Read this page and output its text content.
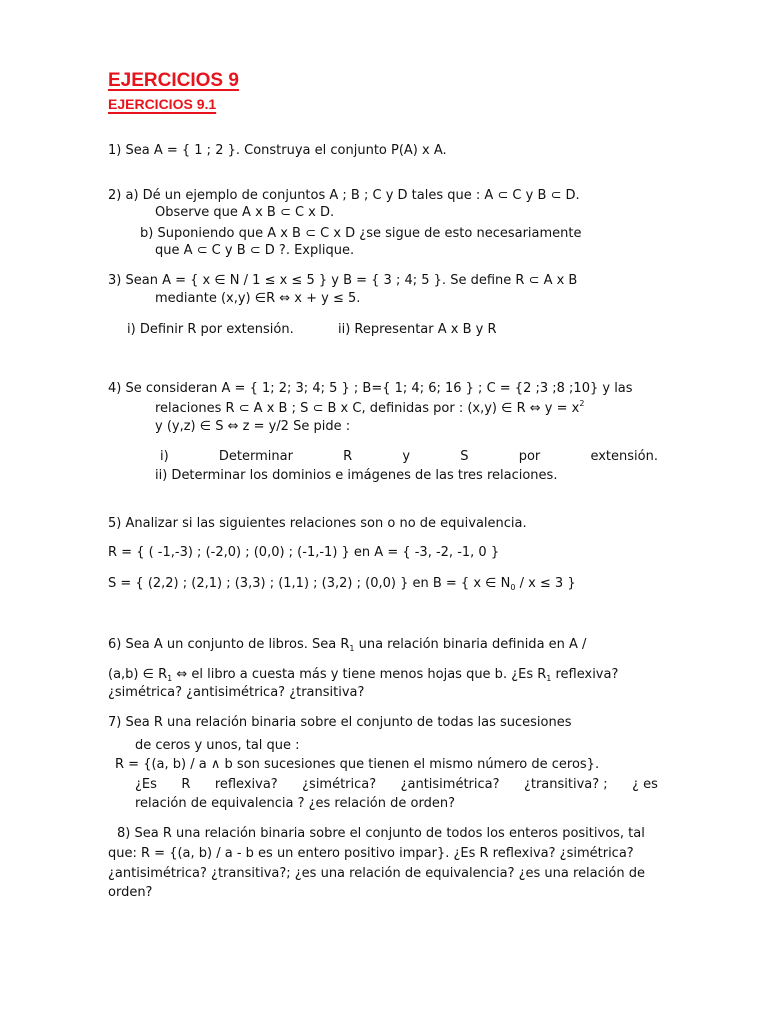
EJERCICIOS 9
EJERCICIOS 9.1
1) Sea A = { 1 ; 2 }. Construya el conjunto P(A) x A.
2) a) Dé un ejemplo de conjuntos A ; B ; C y D tales que : A ⊂ C y B ⊂ D.
Observe que A x B ⊂ C x D.
b) Suponiendo que A x B ⊂ C x D ¿se sigue de esto necesariamente
que A ⊂ C y B ⊂ D ?. Explique.
3) Sean A = { x ∈ N / 1 ≤ x ≤ 5 } y B = { 3 ; 4; 5 }. Se define R ⊂ A x B
mediante (x,y) ∈R ⇔ x + y ≤ 5.
i) Definir R por extensión.	ii) Representar A x B y R
4) Se consideran A = { 1; 2; 3; 4; 5 } ; B={ 1; 4; 6; 16 } ; C = {2 ;3 ;8 ;10} y las
relaciones R ⊂ A x B ; S ⊂ B x C, definidas por : (x,y) ∈ R ⇔ $y = x^2$
y (y,z) ∈ S ⇔ z = y/2 Se pide :
i)	Determinar	R	y	S	por	extensión.
ii) Determinar los dominios e imágenes de las tres relaciones.
5) Analizar si las siguientes relaciones son o no de equivalencia.
R = { ( -1,-3) ; (-2,0) ; (0,0) ; (-1,-1) } en A = { -3, -2, -1, 0 }
S = { (2,2) ; (2,1) ; (3,3) ; (1,1) ; (3,2) ; (0,0) } en B = { x ∈ $N_0 / x \le 3$ }
6) Sea A un conjunto de libros. Sea $R_1$ una relación binaria definida en A /
(a,b) ∈ $R_1$ ⇔ el libro a cuesta más y tiene menos hojas que b. ¿Es $R_1$ reflexiva?
¿simétrica? ¿antisimétrica? ¿transitiva?
7) Sea R una relación binaria sobre el conjunto de todas las sucesiones
de ceros y unos, tal que :
R = {(a, b) / a ∧ b son sucesiones que tienen el mismo número de ceros}.
¿Es R reflexiva? ¿simétrica? ¿antisimétrica? ¿transitiva? ; ¿ es
relación de equivalencia ? ¿es relación de orden?
8) Sea R una relación binaria sobre el conjunto de todos los enteros positivos, tal
que: R = {(a, b) / a - b es un entero positivo impar}. ¿Es R reflexiva? ¿simétrica?
¿antisimétrica? ¿transitiva?; ¿es una relación de equivalencia? ¿es una relación de
orden?
